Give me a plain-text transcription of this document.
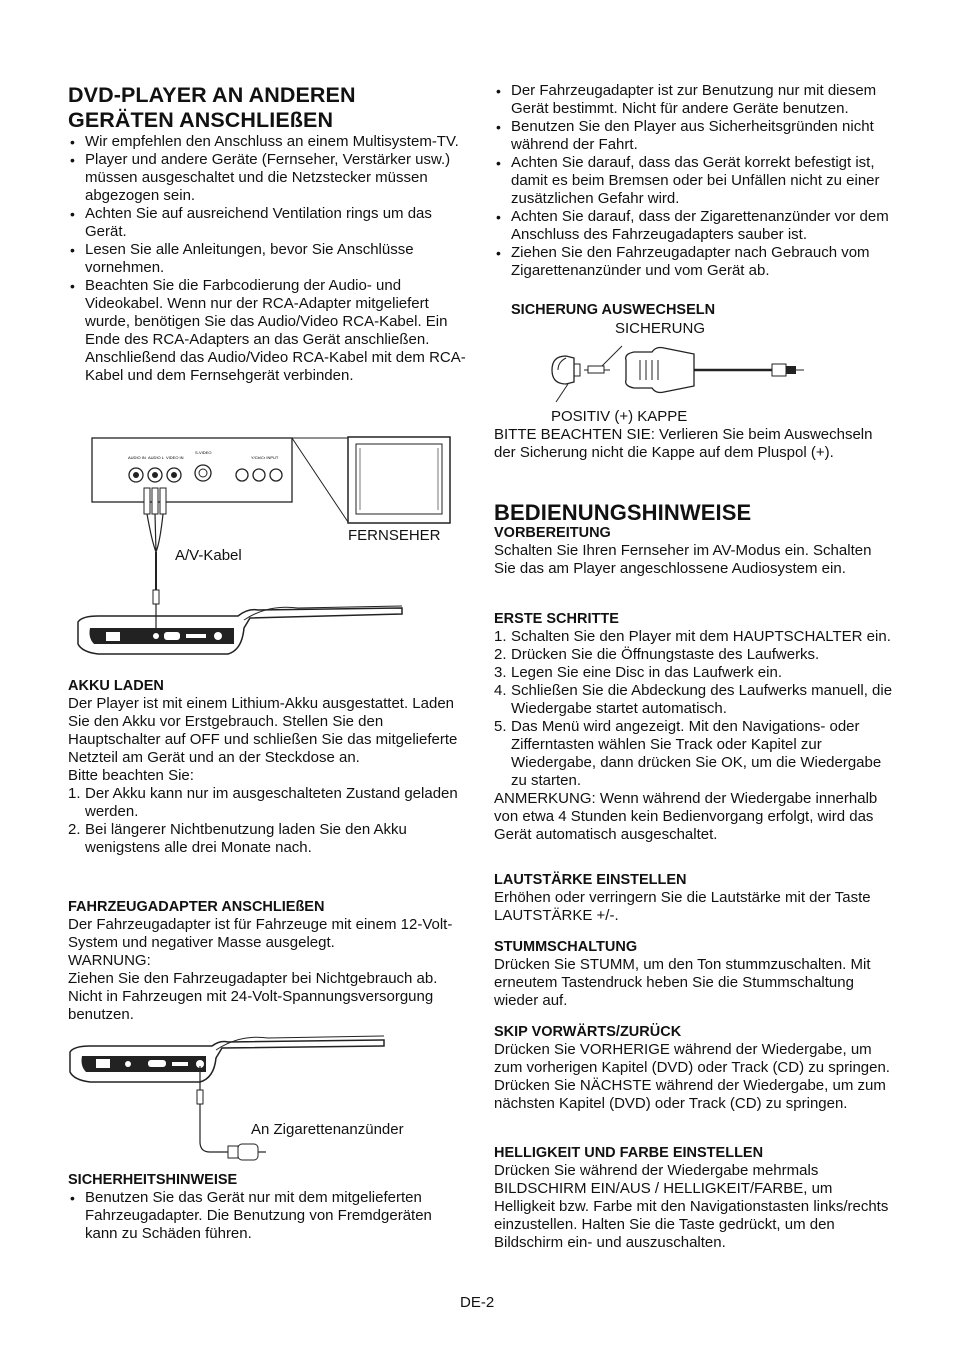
DVD-PLAYER AN ANDEREN
GERÄTEN ANSCHLIEßEN
• Wir empfehlen den Anschluss an einem Multisystem-TV.
• Player und andere Geräte (Fernseher, Verstärker usw.) müssen ausgeschaltet und die Netzstecker müssen abgezogen sein.
• Achten Sie auf ausreichend Ventilation rings um das Gerät.
• Lesen Sie alle Anleitungen, bevor Sie Anschlüsse vornehmen.
• Beachten Sie die Farbcodierung der Audio- und Videokabel. Wenn nur der RCA-Adapter mitgeliefert wurde, benötigen Sie das Audio/Video RCA-Kabel. Ein Ende des RCA-Adapters an das Gerät anschließen. Anschließend das Audio/Video RCA-Kabel mit dem RCA-Kabel und dem Fernsehgerät verbinden.
AUDIO IN AUDIO L VIDEO IN
S-VIDEO
Y/Cb/Cr INPUT
FERNSEHER
A/V-Kabel
AKKU LADEN

Der Player ist mit einem Lithium-Akku ausgestattet. Laden Sie den Akku vor Erstgebrauch. Stellen Sie den Hauptschalter auf OFF und schließen Sie das mitgelieferte Netzteil am Gerät und an der Steckdose an.

Bitte beachten Sie:

1. Der Akku kann nur im ausgeschalteten Zustand geladen werden.
2. Bei längerer Nichtbenutzung laden Sie den Akku wenigstens alle drei Monate nach.
FAHRZEUGADAPTER ANSCHLIEßEN

Der Fahrzeugadapter ist für Fahrzeuge mit einem 12-Volt-System und negativer Masse ausgelegt.

WARNUNG:

Ziehen Sie den Fahrzeugadapter bei Nichtgebrauch ab. Nicht in Fahrzeugen mit 24-Volt-Spannungsversorgung benutzen.

An Zigarettenanzünder
SICHERHEITSHINWEISE
• Benutzen Sie das Gerät nur mit dem mitgelieferten Fahrzeugadapter. Die Benutzung von Fremdgeräten kann zu Schäden führen.
• Der Fahrzeugadapter ist zur Benutzung nur mit diesem Gerät bestimmt. Nicht für andere Geräte benutzen.
• Benutzen Sie den Player aus Sicherheitsgründen nicht während der Fahrt.
• Achten Sie darauf, dass das Gerät korrekt befestigt ist, damit es beim Bremsen oder bei Unfällen nicht zu einer zusätzlichen Gefahr wird.
• Achten Sie darauf, dass der Zigarettenanzünder vor dem Anschluss des Fahrzeugadapters sauber ist.
• Ziehen Sie den Fahrzeugadapter nach Gebrauch vom Zigarettenanzünder und vom Gerät ab.
SICHERUNG AUSWECHSELN
SICHERUNG
POSITIV (+) KAPPE

BITTE BEACHTEN SIE: Verlieren Sie beim Auswechseln der Sicherung nicht die Kappe auf dem Pluspol (+).

BEDIENUNGSHINWEISE
VORBEREITUNG

Schalten Sie Ihren Fernseher im AV-Modus ein. Schalten Sie das am Player angeschlossene Audiosystem ein.

ERSTE SCHRITTE
1. Schalten Sie den Player mit dem HAUPTSCHALTER ein.
2. Drücken Sie die Öffnungstaste des Laufwerks.
3. Legen Sie eine Disc in das Laufwerk ein.
4. Schließen Sie die Abdeckung des Laufwerks manuell, die Wiedergabe startet automatisch.
5. Das Menü wird angezeigt. Mit den Navigations- oder Zifferntasten wählen Sie Track oder Kapitel zur Wiedergabe, dann drücken Sie OK, um die Wiedergabe zu starten.

ANMERKUNG: Wenn während der Wiedergabe innerhalb von etwa 4 Stunden kein Bedienvorgang erfolgt, wird das Gerät automatisch ausgeschaltet.

LAUTSTÄRKE EINSTELLEN

Erhöhen oder verringern Sie die Lautstärke mit der Taste LAUTSTÄRKE +/-.

STUMMSCHALTUNG

Drücken Sie STUMM, um den Ton stummzuschalten. Mit erneutem Tastendruck heben Sie die Stummschaltung wieder auf.

SKIP VORWÄRTS/ZURÜCK

Drücken Sie VORHERIGE während der Wiedergabe, um zum vorherigen Kapitel (DVD) oder Track (CD) zu springen. Drücken Sie NÄCHSTE während der Wiedergabe, um zum nächsten Kapitel (DVD) oder Track (CD) zu springen.

HELLIGKEIT UND FARBE EINSTELLEN

Drücken Sie während der Wiedergabe mehrmals BILDSCHIRM EIN/AUS / HELLIGKEIT/FARBE, um Helligkeit bzw. Farbe mit den Navigationstasten links/rechts einzustellen. Halten Sie die Taste gedrückt, um den Bildschirm ein- und auszuschalten.

DE-2
